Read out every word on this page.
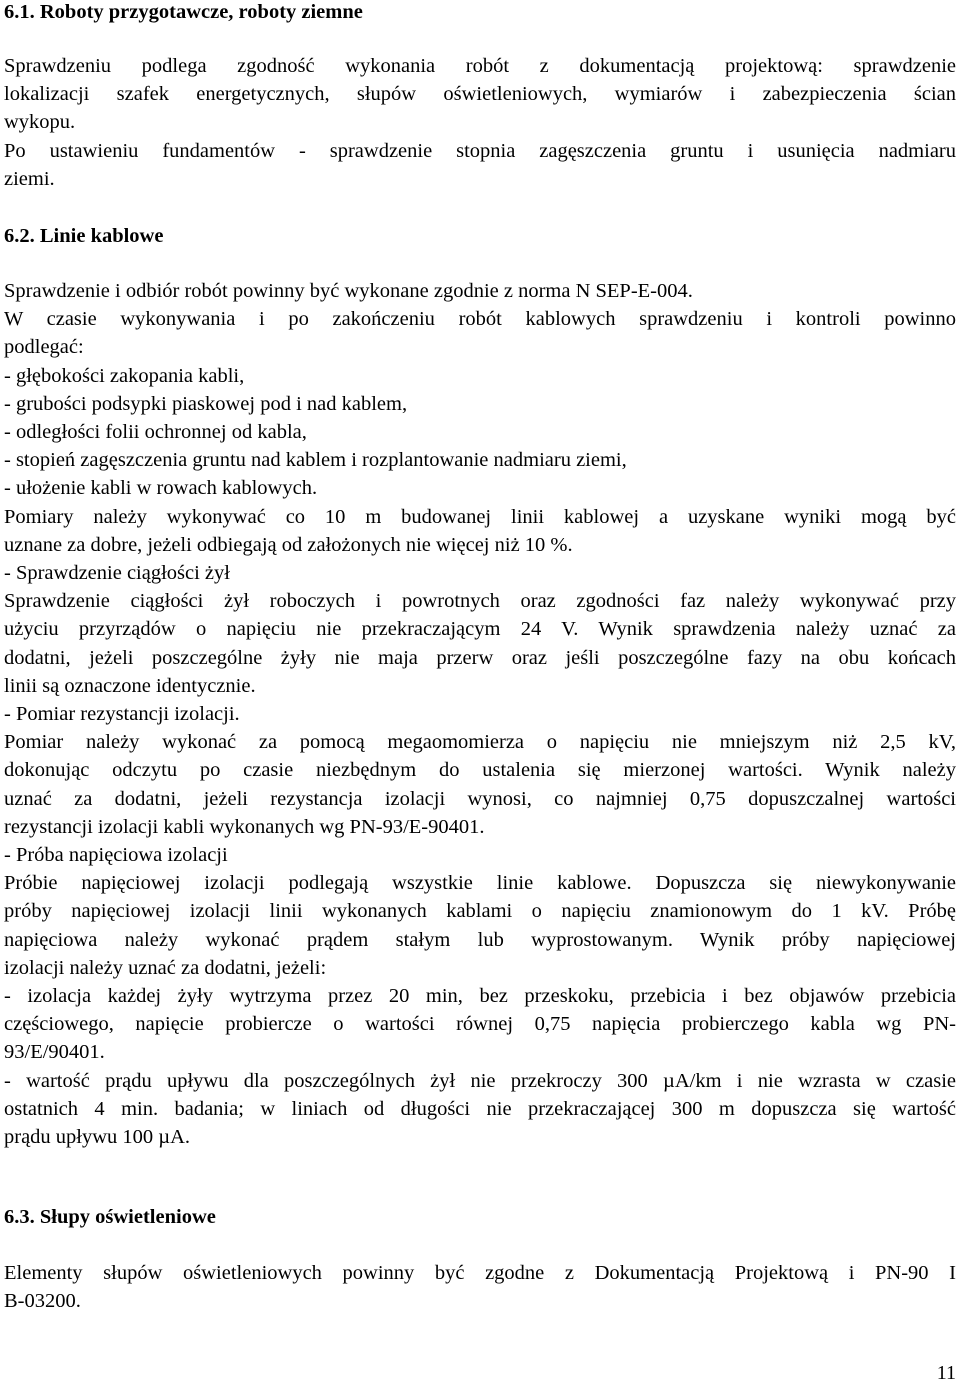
6.1. Roboty przygotawcze, roboty ziemne
Sprawdzeniu podlega zgodność wykonania robót z dokumentacją projektową: sprawdzenie
lokalizacji szafek energetycznych, słupów oświetleniowych, wymiarów i zabezpieczenia ścian
wykopu.
Po ustawieniu fundamentów - sprawdzenie stopnia zagęszczenia gruntu i usunięcia nadmiaru
ziemi.
6.2. Linie kablowe
Sprawdzenie i odbiór robót powinny być wykonane zgodnie z norma N SEP-E-004.
W czasie wykonywania i po zakończeniu robót kablowych sprawdzeniu i kontroli powinno
podlegać:
- głębokości zakopania kabli,
- grubości podsypki piaskowej pod i nad kablem,
- odległości folii ochronnej od kabla,
- stopień zagęszczenia gruntu nad kablem i rozplantowanie nadmiaru ziemi,
- ułożenie kabli w rowach kablowych.
Pomiary należy wykonywać co 10 m budowanej linii kablowej a uzyskane wyniki mogą być
uznane za dobre, jeżeli odbiegają od założonych nie więcej niż 10 %.
- Sprawdzenie ciągłości żył
Sprawdzenie ciągłości żył roboczych i powrotnych oraz zgodności faz należy wykonywać przy
użyciu przyrządów o napięciu nie przekraczającym 24 V. Wynik sprawdzenia należy uznać za
dodatni, jeżeli poszczególne żyły nie maja przerw oraz jeśli poszczególne fazy na obu końcach
linii są oznaczone identycznie.
- Pomiar rezystancji izolacji.
Pomiar należy wykonać za pomocą megaomomierza o napięciu nie mniejszym niż 2,5 kV,
dokonując odczytu po czasie niezbędnym do ustalenia się mierzonej wartości. Wynik należy
uznać za dodatni, jeżeli rezystancja izolacji wynosi, co najmniej 0,75 dopuszczalnej wartości
rezystancji izolacji kabli wykonanych wg PN-93/E-90401.
- Próba napięciowa izolacji
Próbie napięciowej izolacji podlegają wszystkie linie kablowe. Dopuszcza się niewykonywanie
próby napięciowej izolacji linii wykonanych kablami o napięciu znamionowym do 1 kV. Próbę
napięciowa należy wykonać prądem stałym lub wyprostowanym. Wynik próby napięciowej
izolacji należy uznać za dodatni, jeżeli:
- izolacja każdej żyły wytrzyma przez 20 min, bez przeskoku, przebicia i bez objawów przebicia
częściowego, napięcie probiercze o wartości równej 0,75 napięcia probierczego kabla wg PN-
93/E/90401.
- wartość prądu upływu dla poszczególnych żył nie przekroczy 300 µA/km i nie wzrasta w czasie
ostatnich 4 min. badania; w liniach od długości nie przekraczającej 300 m dopuszcza się wartość
prądu upływu 100 µA.
6.3. Słupy oświetleniowe
Elementy słupów oświetleniowych powinny być zgodne z Dokumentacją Projektową i PN-90 I
B-03200.
11
